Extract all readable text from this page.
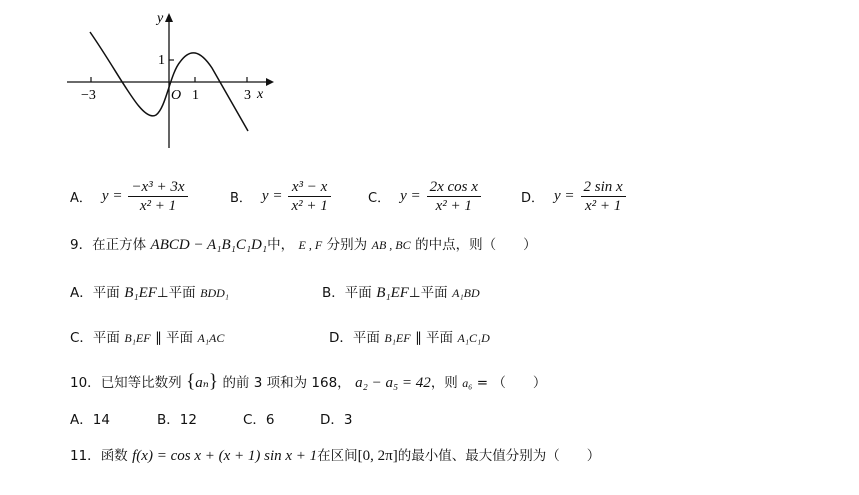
y
x
O
−3	1	3
1
A． $y = \frac{\text{−x³ + 3x}}{\text{x² + 1}}$	B． $y = \frac{\text{x³ − x}}{\text{x² + 1}}$	C． $y = \frac{\text{2x cos x}}{\text{x² + 1}}$	D． $y = \frac{\text{2 sin x}}{\text{x² + 1}}$
9．在正方体 ABCD − A₁B₁C₁D₁中， E , F 分别为 AB , BC 的中点，则（　　）
A．平面 B₁EF⊥平面 BDD₁	B．平面 B₁EF⊥平面 A₁BD
C．平面 B₁EF ∥ 平面 A₁AC	D．平面 B₁EF ∥ 平面 A₁C₁D
10．已知等比数列 {aₙ} 的前 3 项和为 168， a₂ − a₅ = 42，则 a₆ = （　　）
A．14	B．12	C．6	D．3
11．函数 f(x) = cos x + (x + 1) sin x + 1在区间[0, 2π]的最小值、最大值分别为（　　）
